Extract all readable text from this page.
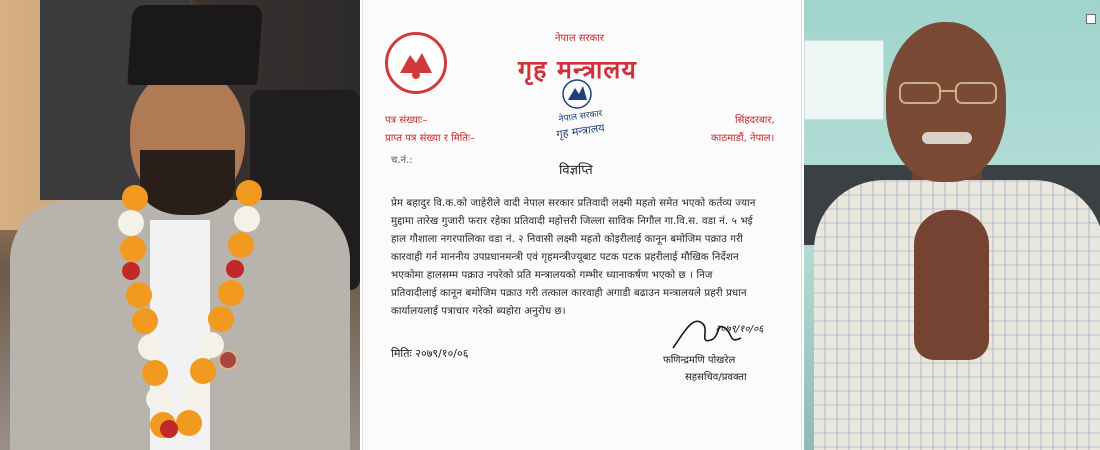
नेपाल सरकार
गृह मन्त्रालय
नेपाल सरकार
गृह मन्त्रालय
पत्र संख्याः–
प्राप्त पत्र संख्या र मितिः–
च.नं.:
सिंहदरबार,
काठमाडौं, नेपाल।
विज्ञप्ति
प्रेम बहादुर वि.क.को जाहेरीले वादी नेपाल सरकार प्रतिवादी लक्ष्मी महतो समेत भएको कर्तव्य ज्यान
मुद्दामा तारेख गुजारी फरार रहेका प्रतिवादी महोत्तरी जिल्ला साविक निगौल गा.वि.स. वडा नं. ५ भई
हाल गौशाला नगरपालिका वडा नं. २ निवासी लक्ष्मी महतो कोइरीलाई कानून बमोजिम पक्राउ गरी
कारवाही गर्न माननीय उपप्रधानमन्त्री एवं गृहमन्त्रीज्यूबाट पटक पटक प्रहरीलाई मौखिक निर्देशन
भएकोमा हालसम्म पक्राउ नपरेको प्रति मन्त्रालयको गम्भीर ध्यानाकर्षण भएको छ । निज
प्रतिवादीलाई कानून बमोजिम पक्राउ गरी तत्काल कारवाही अगाडी बढाउन मन्त्रालयले प्रहरी प्रधान
कार्यालयलाई पत्राचार गरेको ब्यहोरा अनुरोध छ।
मितिः २०७९/१०/०६
२०७९/१०/०६
फणिन्द्रमणि पोखरेल
सहसचिव/प्रवक्ता
